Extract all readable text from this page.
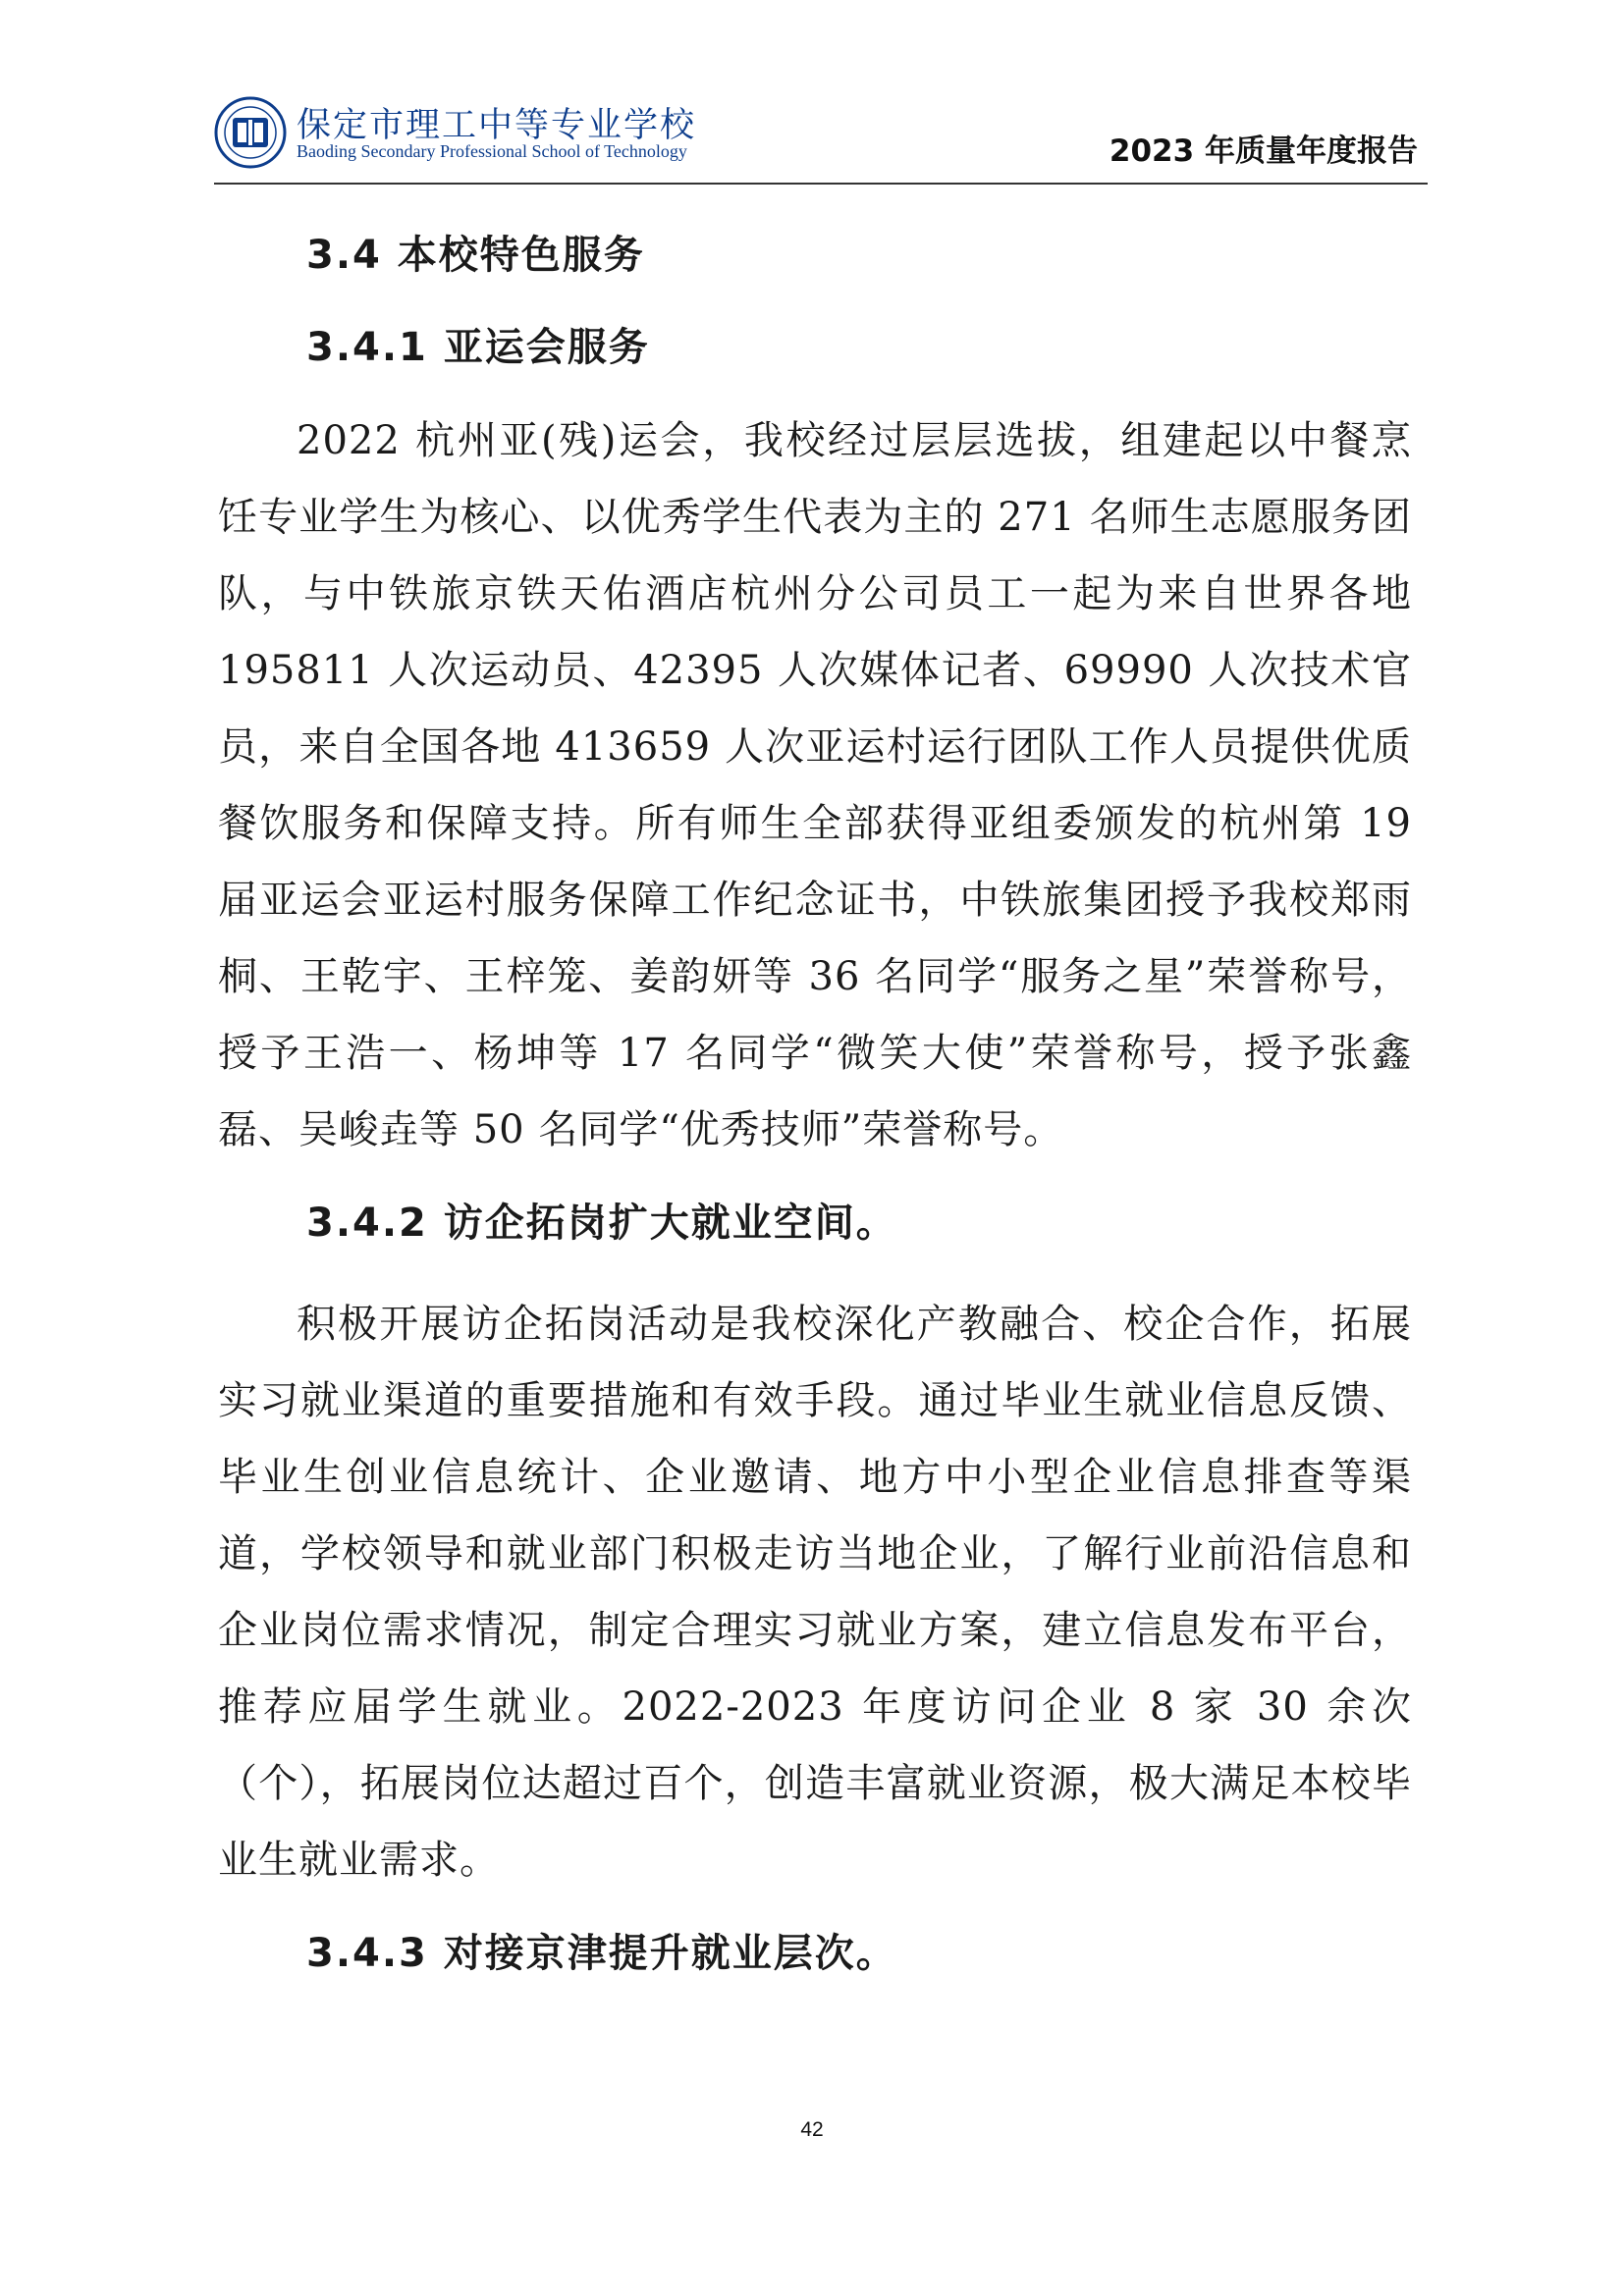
保定市理工中等专业学校
Baoding Secondary Professional School of Technology	2023 年质量年度报告
3.4 本校特色服务
3.4.1 亚运会服务

2022 杭州亚(残)运会，我校经过层层选拔，组建起以中餐烹饪专业学生为核心、以优秀学生代表为主的 271 名师生志愿服务团队，与中铁旅京铁天佑酒店杭州分公司员工一起为来自世界各地 195811 人次运动员、42395 人次媒体记者、69990 人次技术官员，来自全国各地 413659 人次亚运村运行团队工作人员提供优质餐饮服务和保障支持。所有师生全部获得亚组委颁发的杭州第 19 届亚运会亚运村服务保障工作纪念证书，中铁旅集团授予我校郑雨桐、王乾宇、王梓笼、姜韵妍等 36 名同学“服务之星”荣誉称号，授予王浩一、杨坤等 17 名同学“微笑大使”荣誉称号，授予张鑫磊、吴峻垚等 50 名同学“优秀技师”荣誉称号。

3.4.2 访企拓岗扩大就业空间。

积极开展访企拓岗活动是我校深化产教融合、校企合作，拓展实习就业渠道的重要措施和有效手段。通过毕业生就业信息反馈、毕业生创业信息统计、企业邀请、地方中小型企业信息排查等渠道，学校领导和就业部门积极走访当地企业，了解行业前沿信息和企业岗位需求情况，制定合理实习就业方案，建立信息发布平台，推荐应届学生就业。2022-2023 年度访问企业 8 家 30 余次（个），拓展岗位达超过百个，创造丰富就业资源，极大满足本校毕业生就业需求。

3.4.3 对接京津提升就业层次。
42
